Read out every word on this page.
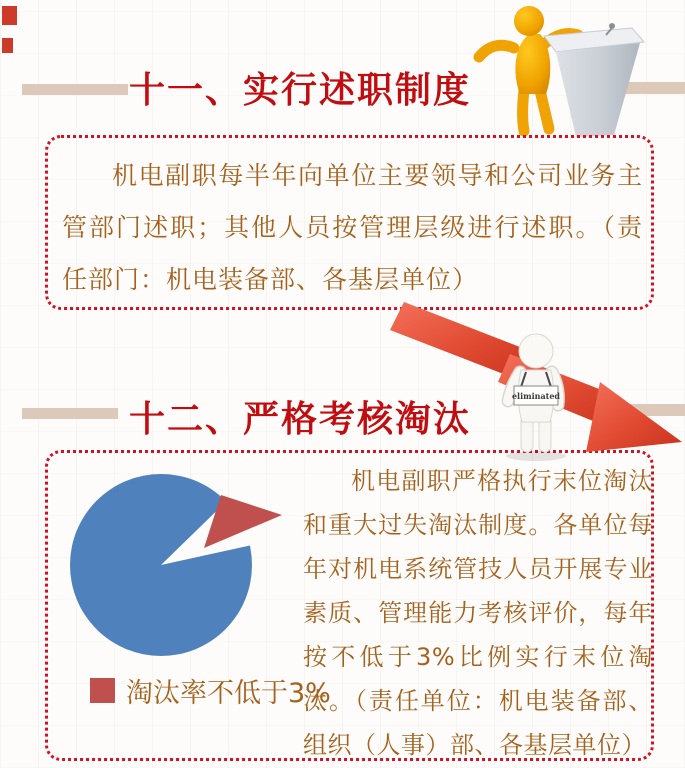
十一、实行述职制度
机电副职每半年向单位主要领导和公司业务主管部门述职；其他人员按管理层级进行述职。（责任部门：机电装备部、各基层单位）
eliminated
十二、严格考核淘汰
淘汰率不低于3%
机电副职严格执行末位淘汰和重大过失淘汰制度。各单位每年对机电系统管技人员开展专业素质、管理能力考核评价，每年按不低于3%比例实行末位淘汰。（责任单位：机电装备部、组织（人事）部、各基层单位）
